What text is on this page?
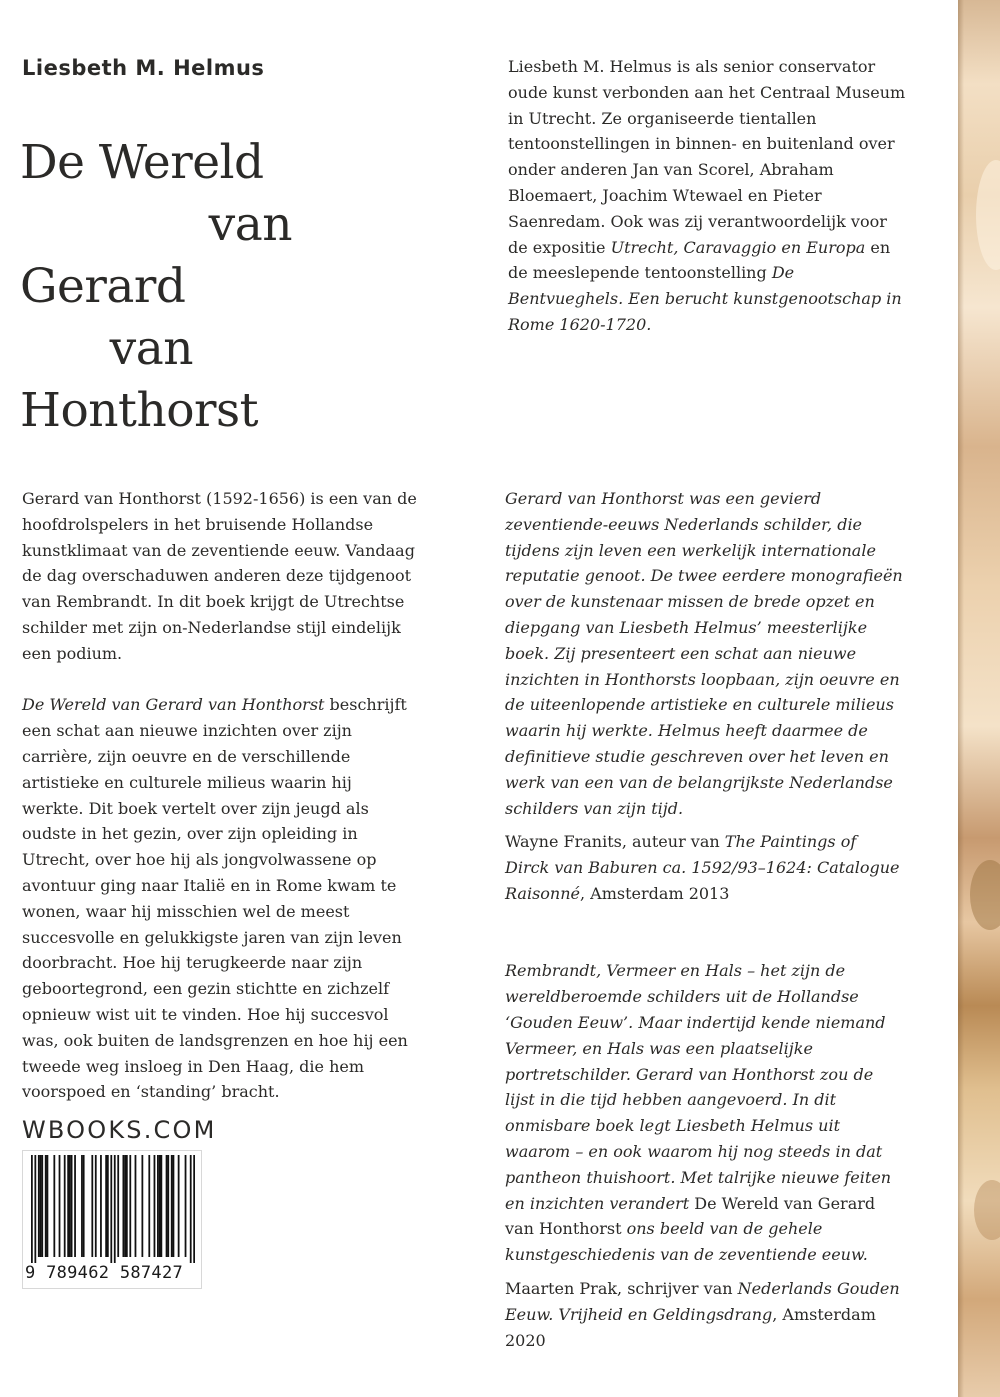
Liesbeth M. Helmus
De Wereld
van
Gerard
van
Honthorst

Liesbeth M. Helmus is als senior conservator oude kunst verbonden aan het Centraal Museum in Utrecht. Ze organiseerde tientallen tentoonstellingen in binnen- en buitenland over onder anderen Jan van Scorel, Abraham Bloemaert, Joachim Wtewael en Pieter Saenredam. Ook was zij verantwoordelijk voor de expositie Utrecht, Caravaggio en Europa en de meeslepende tentoonstelling De Bentvueghels. Een berucht kunstgenootschap in Rome 1620-1720.

Gerard van Honthorst (1592-1656) is een van de hoofdrolspelers in het bruisende Hollandse kunstklimaat van de zeventiende eeuw. Vandaag de dag overschaduwen anderen deze tijdgenoot van Rembrandt. In dit boek krijgt de Utrechtse schilder met zijn on-Nederlandse stijl eindelijk een podium.

De Wereld van Gerard van Honthorst beschrijft een schat aan nieuwe inzichten over zijn carrière, zijn oeuvre en de verschillende artistieke en culturele milieus waarin hij werkte. Dit boek vertelt over zijn jeugd als oudste in het gezin, over zijn opleiding in Utrecht, over hoe hij als jongvolwassene op avontuur ging naar Italië en in Rome kwam te wonen, waar hij misschien wel de meest succesvolle en gelukkigste jaren van zijn leven doorbracht. Hoe hij terugkeerde naar zijn geboortegrond, een gezin stichtte en zichzelf opnieuw wist uit te vinden. Hoe hij succesvol was, ook buiten de landsgrenzen en hoe hij een tweede weg insloeg in Den Haag, die hem voorspoed en ‘standing’ bracht.

Gerard van Honthorst was een gevierd zeventiende-eeuws Nederlands schilder, die tijdens zijn leven een werkelijk internationale reputatie genoot. De twee eerdere monografieën over de kunstenaar missen de brede opzet en diepgang van Liesbeth Helmus’ meesterlijke boek. Zij presenteert een schat aan nieuwe inzichten in Honthorsts loopbaan, zijn oeuvre en de uiteenlopende artistieke en culturele milieus waarin hij werkte. Helmus heeft daarmee de definitieve studie geschreven over het leven en werk van een van de belangrijkste Nederlandse schilders van zijn tijd.

Wayne Franits, auteur van The Paintings of Dirck van Baburen ca. 1592/93–1624: Catalogue Raisonné, Amsterdam 2013

Rembrandt, Vermeer en Hals – het zijn de wereldberoemde schilders uit de Hollandse ‘Gouden Eeuw’. Maar indertijd kende niemand Vermeer, en Hals was een plaatselijke portretschilder. Gerard van Honthorst zou de lijst in die tijd hebben aangevoerd. In dit onmisbare boek legt Liesbeth Helmus uit waarom – en ook waarom hij nog steeds in dat pantheon thuishoort. Met talrijke nieuwe feiten en inzichten verandert De Wereld van Gerard van Honthorst ons beeld van de gehele kunstgeschiedenis van de zeventiende eeuw.

Maarten Prak, schrijver van Nederlands Gouden Eeuw. Vrijheid en Geldingsdrang, Amsterdam 2020

WBOOKS.COM
9 789462 587427
